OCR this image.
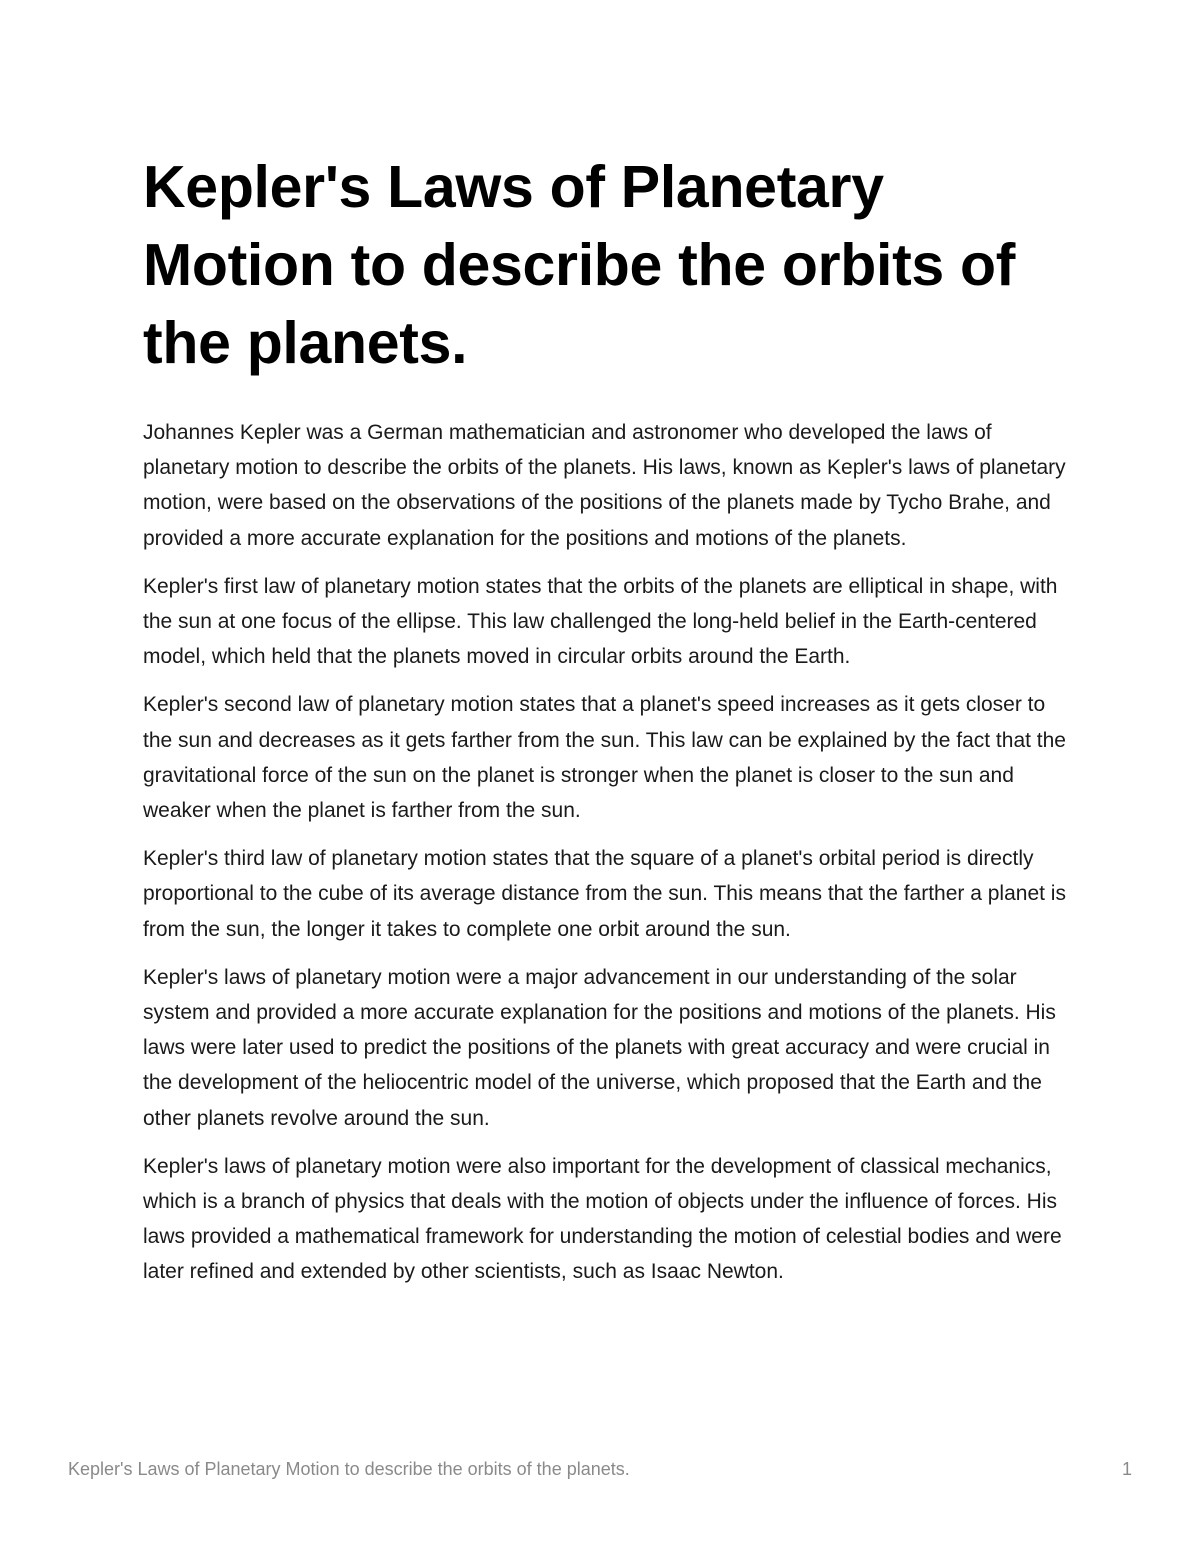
Kepler's Laws of Planetary Motion to describe the orbits of the planets.

Johannes Kepler was a German mathematician and astronomer who developed the laws of planetary motion to describe the orbits of the planets. His laws, known as Kepler's laws of planetary motion, were based on the observations of the positions of the planets made by Tycho Brahe, and provided a more accurate explanation for the positions and motions of the planets.

Kepler's first law of planetary motion states that the orbits of the planets are elliptical in shape, with the sun at one focus of the ellipse. This law challenged the long-held belief in the Earth-centered model, which held that the planets moved in circular orbits around the Earth.

Kepler's second law of planetary motion states that a planet's speed increases as it gets closer to the sun and decreases as it gets farther from the sun. This law can be explained by the fact that the gravitational force of the sun on the planet is stronger when the planet is closer to the sun and weaker when the planet is farther from the sun.

Kepler's third law of planetary motion states that the square of a planet's orbital period is directly proportional to the cube of its average distance from the sun. This means that the farther a planet is from the sun, the longer it takes to complete one orbit around the sun.

Kepler's laws of planetary motion were a major advancement in our understanding of the solar system and provided a more accurate explanation for the positions and motions of the planets. His laws were later used to predict the positions of the planets with great accuracy and were crucial in the development of the heliocentric model of the universe, which proposed that the Earth and the other planets revolve around the sun.

Kepler's laws of planetary motion were also important for the development of classical mechanics, which is a branch of physics that deals with the motion of objects under the influence of forces. His laws provided a mathematical framework for understanding the motion of celestial bodies and were later refined and extended by other scientists, such as Isaac Newton.

Kepler's Laws of Planetary Motion to describe the orbits of the planets.	1
